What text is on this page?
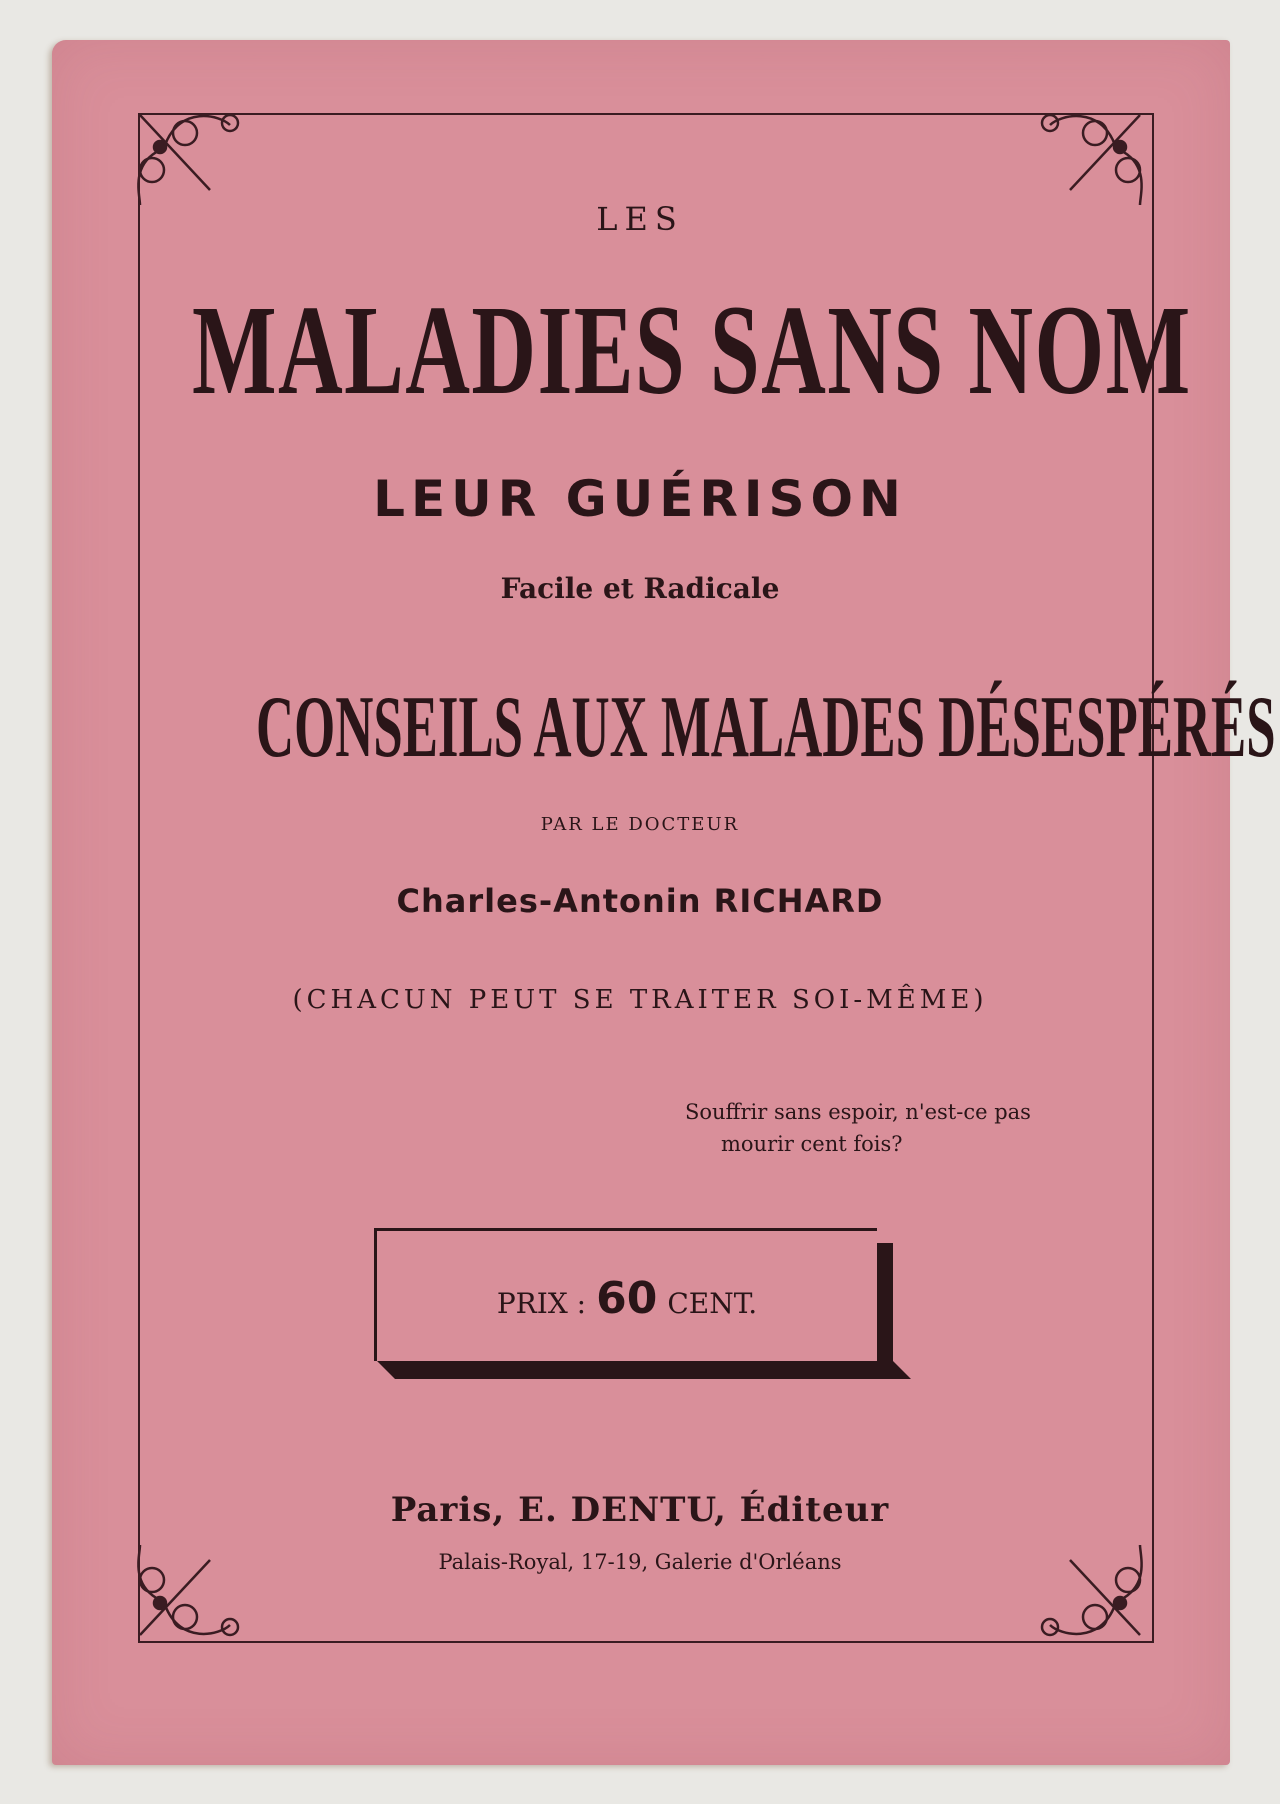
LES
MALADIES SANS NOM
LEUR GUÉRISON
Facile et Radicale
CONSEILS AUX MALADES DÉSESPÉRÉS
PAR LE DOCTEUR
Charles-Antonin RICHARD
(CHACUN PEUT SE TRAITER SOI-MÊME)
Souffrir sans espoir, n'est-ce pas
mourir cent fois?
PRIX : 60 CENT.
Paris, E. DENTU, Éditeur
Palais-Royal, 17-19, Galerie d'Orléans
